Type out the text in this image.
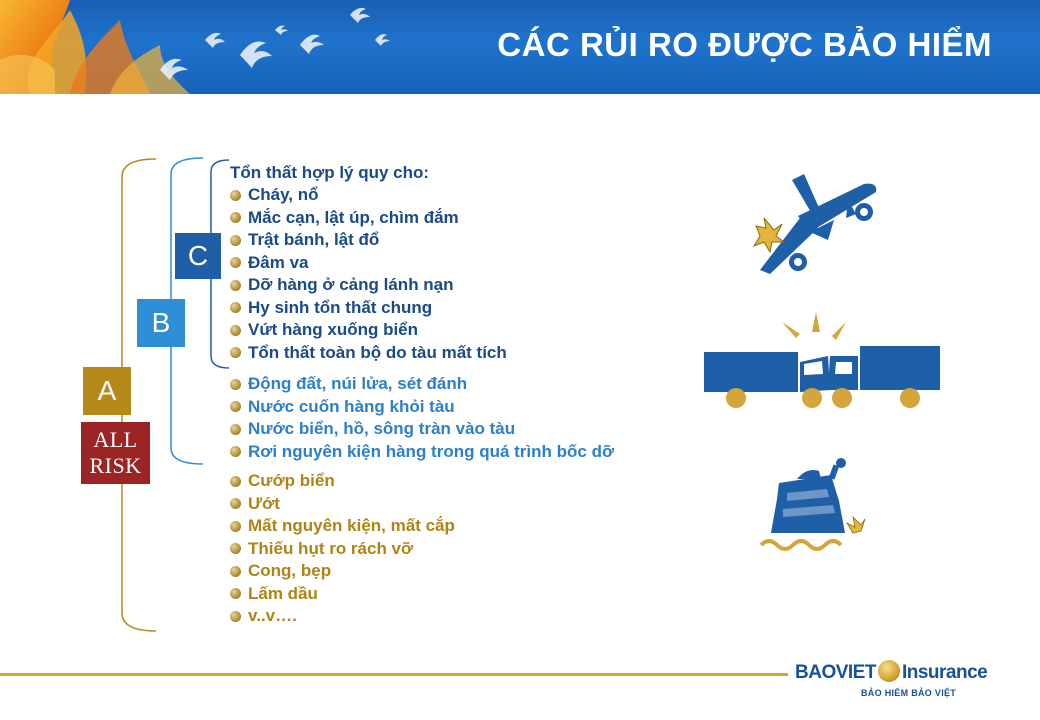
CÁC RỦI RO ĐƯỢC BẢO HIỂM
C
B
A
ALL
RISK
Tổn thất hợp lý quy cho:
Cháy, nổ
Mắc cạn, lật úp, chìm đắm
Trật bánh, lật đổ
Đâm va
Dỡ hàng ở cảng lánh nạn
Hy sinh tổn thất chung
Vứt hàng xuống biển
Tổn thất toàn bộ do tàu mất tích
Động đất, núi lửa, sét đánh
Nước cuốn hàng khỏi tàu
Nước biển, hồ, sông tràn vào tàu
Rơi nguyên kiện hàng trong quá trình bốc dỡ
Cướp biển
Ướt
Mất nguyên kiện, mất cắp
Thiếu hụt ro rách vỡ
Cong, bẹp
Lấm dầu
v..v….
BAOVIET Insurance
BẢO HIỂM BẢO VIỆT
